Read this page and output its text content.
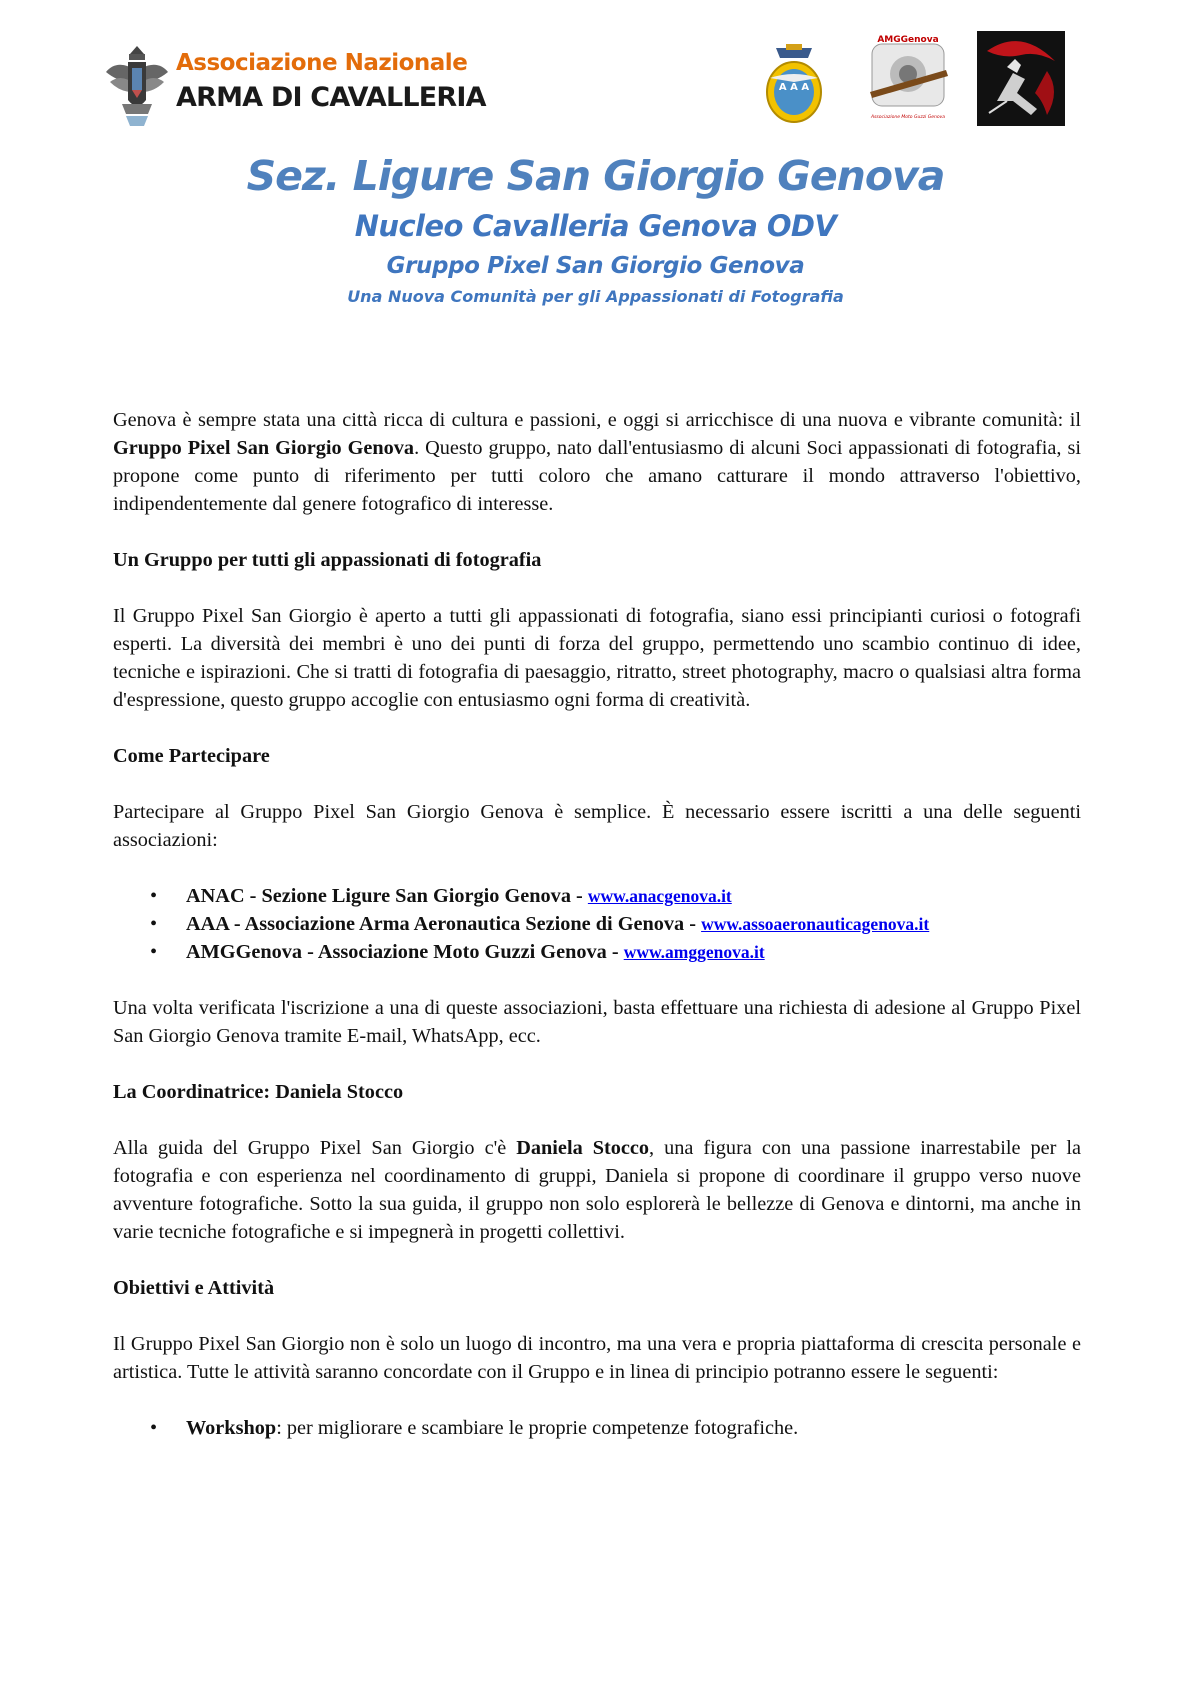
Associazione Nazionale
ARMA DI CAVALLERIA	A A A
AMGGenova
Associazione Moto Guzzi Genova
Sez. Ligure San Giorgio Genova
Nucleo Cavalleria Genova ODV
Gruppo Pixel San Giorgio Genova
Una Nuova Comunità per gli Appassionati di Fotografia

Genova è sempre stata una città ricca di cultura e passioni, e oggi si arricchisce di una nuova e vibrante comunità: il Gruppo Pixel San Giorgio Genova. Questo gruppo, nato dall'entusiasmo di alcuni Soci appassionati di fotografia, si propone come punto di riferimento per tutti coloro che amano catturare il mondo attraverso l'obiettivo, indipendentemente dal genere fotografico di interesse.

Un Gruppo per tutti gli appassionati di fotografia

Il Gruppo Pixel San Giorgio è aperto a tutti gli appassionati di fotografia, siano essi principianti curiosi o fotografi esperti. La diversità dei membri è uno dei punti di forza del gruppo, permettendo uno scambio continuo di idee, tecniche e ispirazioni. Che si tratti di fotografia di paesaggio, ritratto, street photography, macro o qualsiasi altra forma d'espressione, questo gruppo accoglie con entusiasmo ogni forma di creatività.

Come Partecipare

Partecipare al Gruppo Pixel San Giorgio Genova è semplice. È necessario essere iscritti a una delle seguenti associazioni:

• ANAC - Sezione Ligure San Giorgio Genova - www.anacgenova.it
• AAA - Associazione Arma Aeronautica Sezione di Genova - www.assoaeronauticagenova.it
• AMGGenova - Associazione Moto Guzzi Genova - www.amggenova.it

Una volta verificata l'iscrizione a una di queste associazioni, basta effettuare una richiesta di adesione al Gruppo Pixel San Giorgio Genova tramite E-mail, WhatsApp, ecc.

La Coordinatrice: Daniela Stocco

Alla guida del Gruppo Pixel San Giorgio c'è Daniela Stocco, una figura con una passione inarrestabile per la fotografia e con esperienza nel coordinamento di gruppi, Daniela si propone di coordinare il gruppo verso nuove avventure fotografiche. Sotto la sua guida, il gruppo non solo esplorerà le bellezze di Genova e dintorni, ma anche in varie tecniche fotografiche e si impegnerà in progetti collettivi.

Obiettivi e Attività

Il Gruppo Pixel San Giorgio non è solo un luogo di incontro, ma una vera e propria piattaforma di crescita personale e artistica. Tutte le attività saranno concordate con il Gruppo e in linea di principio potranno essere le seguenti:

• Workshop: per migliorare e scambiare le proprie competenze fotografiche.
